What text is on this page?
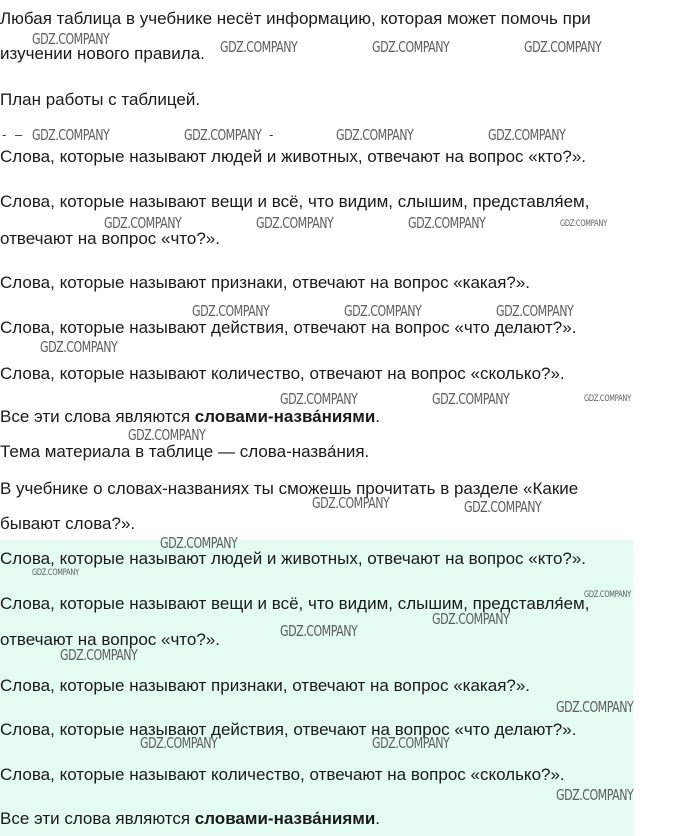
Любая таблица в учебнике несёт информацию, которая может помочь при
изучении нового правила.
План работы с таблицей.
- –	-
Слова, которые называют людей и животных, отвечают на вопрос «кто?».
Слова, которые называют вещи и всё, что видим, слышим, представля́ем,
отвечают на вопрос «что?».
Слова, которые называют признаки, отвечают на вопрос «какая?».
Слова, которые называют действия, отвечают на вопрос «что делают?».
Слова, которые называют количество, отвечают на вопрос «сколько?».
Все эти слова являются словами-назва́ниями.
Тема материала в таблице — слова-назва́ния.
В учебнике о словах-названиях ты сможешь прочитать в разделе «Какие
бывают слова?».
Слова, которые называют людей и животных, отвечают на вопрос «кто?».
Слова, которые называют вещи и всё, что видим, слышим, представля́ем,
отвечают на вопрос «что?».
Слова, которые называют признаки, отвечают на вопрос «какая?».
Слова, которые называют действия, отвечают на вопрос «что делают?».
Слова, которые называют количество, отвечают на вопрос «сколько?».
Все эти слова являются словами-назва́ниями.
GDZ.COMPANY	GDZ.COMPANY	GDZ.COMPANY	GDZ.COMPANY
GDZ.COMPANY	GDZ.COMPANY	GDZ.COMPANY	GDZ.COMPANY
GDZ.COMPANY	GDZ.COMPANY	GDZ.COMPANY	GDZ.COMPANY
GDZ.COMPANY	GDZ.COMPANY	GDZ.COMPANY
GDZ.COMPANY
GDZ.COMPANY	GDZ.COMPANY	GDZ.COMPANY
GDZ.COMPANY
GDZ.COMPANY	GDZ.COMPANY
GDZ.COMPANY
GDZ.COMPANY
GDZ.COMPANY
GDZ.COMPANY
GDZ.COMPANY
GDZ.COMPANY
GDZ.COMPANY
GDZ.COMPANY	GDZ.COMPANY
GDZ.COMPANY
